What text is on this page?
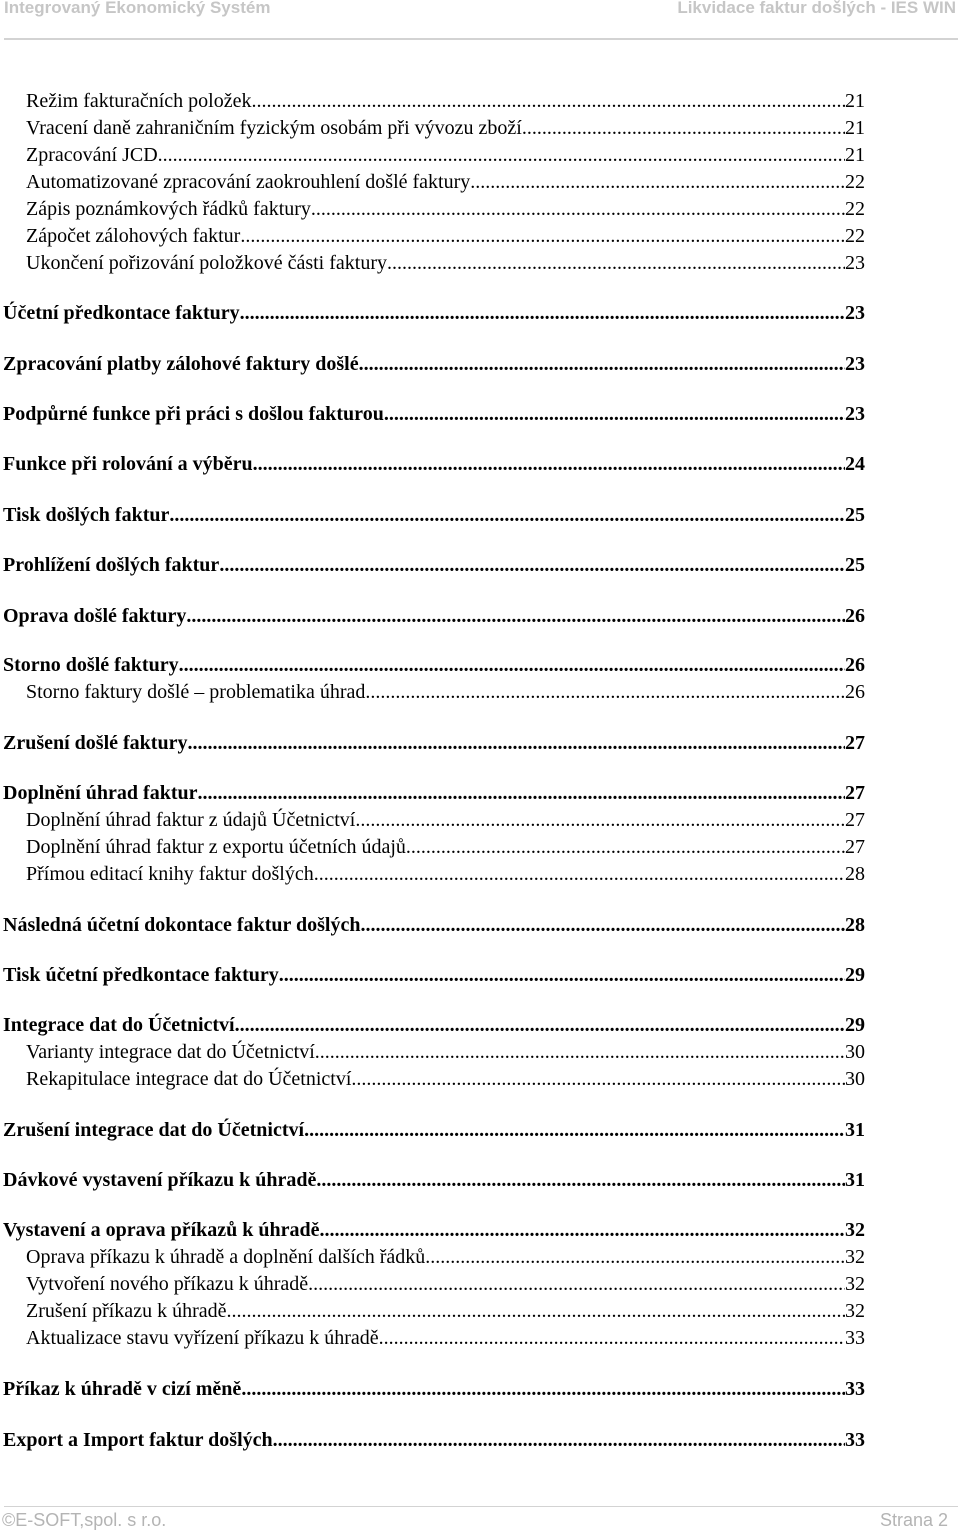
Integrovaný Ekonomický Systém	Likvidace faktur došlých - IES WIN
Režim fakturačních položek .....	21
Vracení daně zahraničním fyzickým osobám při vývozu zboží .....	21
Zpracování JCD .....	21
Automatizované zpracování zaokrouhlení došlé faktury .....	22
Zápis poznámkových řádků faktury .....	22
Zápočet zálohových faktur .....	22
Ukončení pořizování položkové části faktury .....	23
Účetní předkontace faktury .....	23
Zpracování platby zálohové faktury došlé .....	23
Podpůrné funkce při práci s došlou fakturou .....	23
Funkce při rolování a výběru .....	24
Tisk došlých faktur .....	25
Prohlížení došlých faktur .....	25
Oprava došlé faktury .....	26
Storno došlé faktury .....	26
Storno faktury došlé – problematika úhrad .....	26
Zrušení došlé faktury .....	27
Doplnění úhrad faktur .....	27
Doplnění úhrad faktur z údajů Účetnictví .....	27
Doplnění úhrad faktur z exportu účetních údajů .....	27
Přímou editací knihy faktur došlých .....	28
Následná účetní dokontace faktur došlých .....	28
Tisk účetní předkontace faktury .....	29
Integrace dat do Účetnictví .....	29
Varianty integrace dat do Účetnictví .....	30
Rekapitulace integrace dat do Účetnictví .....	30
Zrušení integrace dat do Účetnictví .....	31
Dávkové vystavení příkazu k úhradě .....	31
Vystavení a oprava příkazů k úhradě .....	32
Oprava příkazu k úhradě a doplnění dalších řádků .....	32
Vytvoření nového příkazu k úhradě .....	32
Zrušení příkazu k úhradě .....	32
Aktualizace stavu vyřízení příkazu k úhradě .....	33
Příkaz k úhradě v cizí měně .....	33
Export a Import faktur došlých .....	33
©E-SOFT,spol. s r.o.	Strana 2
